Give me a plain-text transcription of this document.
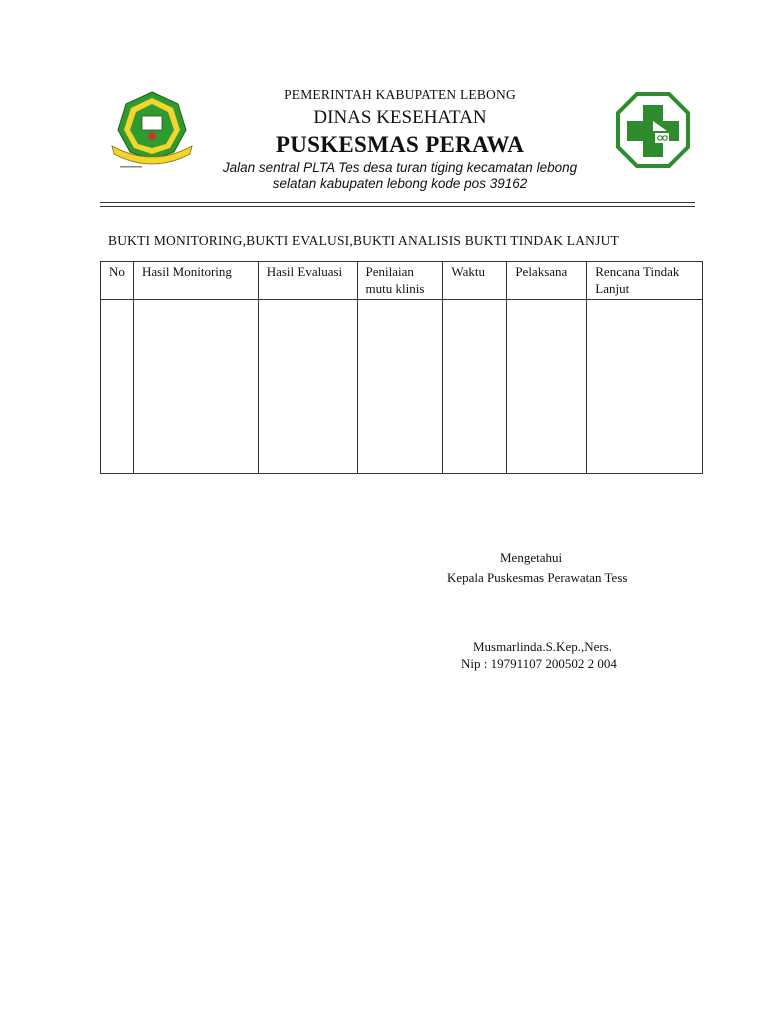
PEMERINTAH KABUPATEN LEBONG
DINAS KESEHATAN
PUSKESMAS PERAWA
Jalan sentral PLTA Tes desa turan tiging kecamatan lebong
selatan kabupaten lebong kode pos 39162
BUKTI MONITORING,BUKTI EVALUSI,BUKTI ANALISIS BUKTI TINDAK LANJUT
No	Hasil Monitoring	Hasil Evaluasi	Penilaian mutu klinis	Waktu	Pelaksana	Rencana Tindak Lanjut

Mengetahui
Kepala Puskesmas Perawatan Tess
Musmarlinda.S.Kep.,Ners.
Nip : 19791107 200502 2 004
